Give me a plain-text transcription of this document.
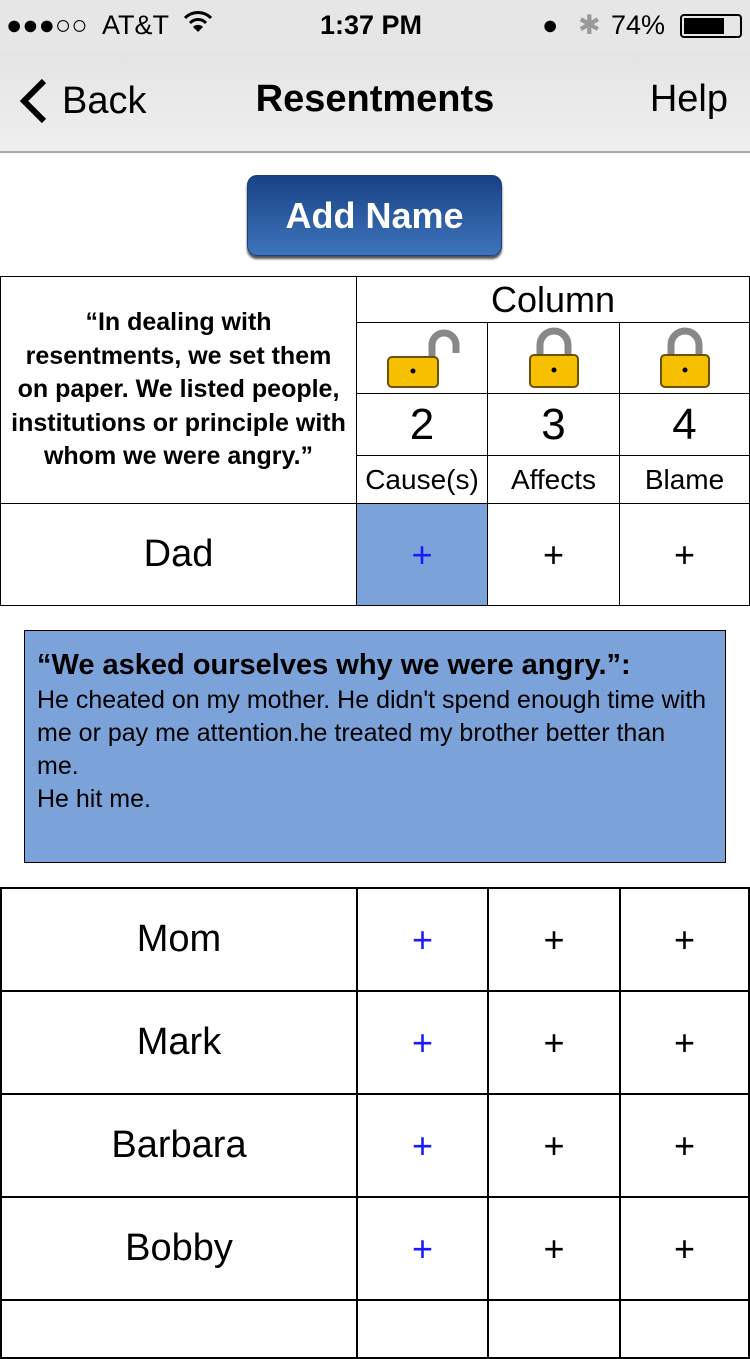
●●●○○ AT&T	1:37 PM	● ✱ 74%
Back	Resentments	Help
Add Name
“In dealing with resentments, we set them on paper. We listed people, institutions or principle with whom we were angry.”
Column
2	3	4
Cause(s)	Affects	Blame
Dad	+	+	+
“We asked ourselves why we were angry.”:
He cheated on my mother. He didn't spend enough time with me or pay me attention.he treated my brother better than me.
He hit me.
Mom	+	+	+
Mark	+	+	+
Barbara	+	+	+
Bobby	+	+	+
